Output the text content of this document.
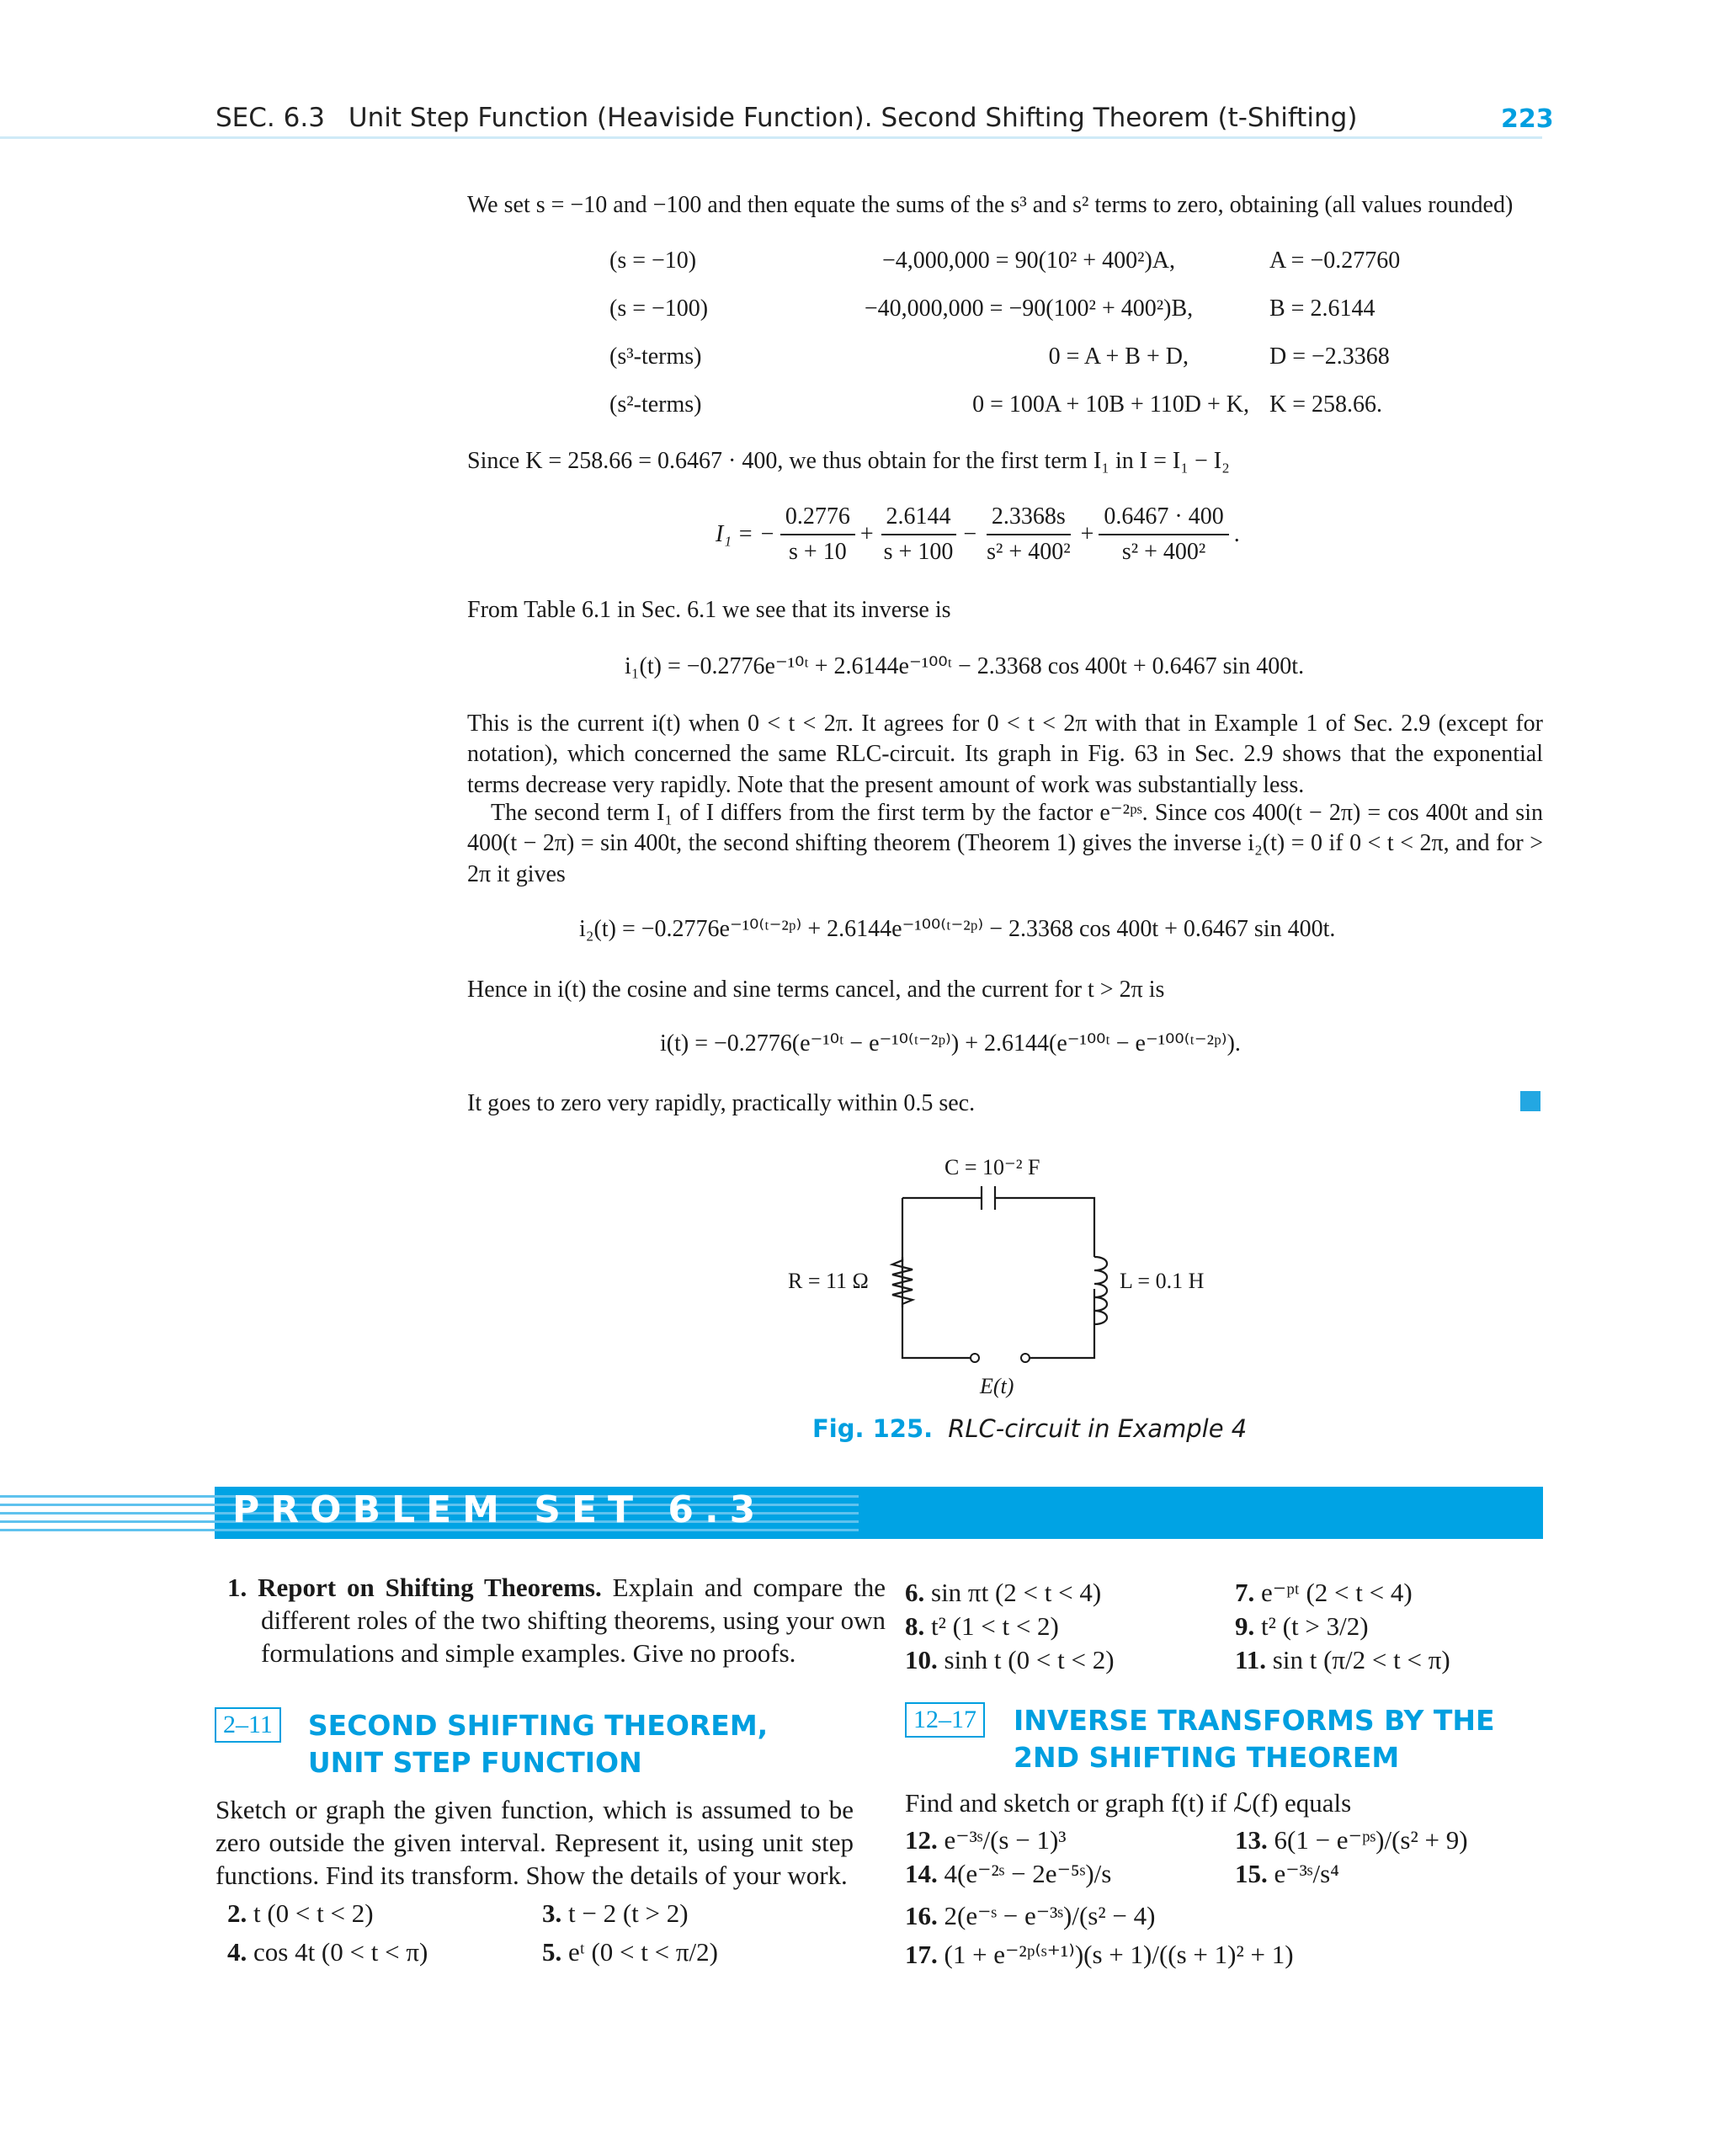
SEC. 6.3 Unit Step Function (Heaviside Function). Second Shifting Theorem (t-Shifting)	223
We set s = −10 and −100 and then equate the sums of the s³ and s² terms to zero, obtaining (all values rounded)
(s = −10)	−4,000,000 = 90(10² + 400²)A,	A = −0.27760
(s = −100)	−40,000,000 = −90(100² + 400²)B,	B = 2.6144
(s³-terms)	0 = A + B + D,	D = −2.3368
(s²-terms)	0 = 100A + 10B + 110D + K,	K = 258.66.
Since K = 258.66 = 0.6467 · 400, we thus obtain for the first term I₁ in I = I₁ − I₂
I₁ = − $\frac{0.2776}{s + 10} + \frac{2.6144}{s + 100} - \frac{2.3368s}{\text{s² + 400²}} + \frac{0.6467 \cdot 400}{\text{s² + 400²}}$ .
From Table 6.1 in Sec. 6.1 we see that its inverse is
i₁(t) = −0.2776e⁻¹⁰ᵗ + 2.6144e⁻¹⁰⁰ᵗ − 2.3368 cos 400t + 0.6467 sin 400t.
This is the current i(t) when 0 < t < 2π. It agrees for 0 < t < 2π with that in Example 1 of Sec. 2.9 (except for notation), which concerned the same RLC-circuit. Its graph in Fig. 63 in Sec. 2.9 shows that the exponential terms decrease very rapidly. Note that the present amount of work was substantially less.
The second term I₁ of I differs from the first term by the factor e⁻²ᵖˢ. Since cos 400(t − 2π) = cos 400t and sin 400(t − 2π) = sin 400t, the second shifting theorem (Theorem 1) gives the inverse i₂(t) = 0 if 0 < t < 2π, and for > 2π it gives
i₂(t) = −0.2776e⁻¹⁰⁽ᵗ⁻²ᵖ⁾ + 2.6144e⁻¹⁰⁰⁽ᵗ⁻²ᵖ⁾ − 2.3368 cos 400t + 0.6467 sin 400t.
Hence in i(t) the cosine and sine terms cancel, and the current for t > 2π is
i(t) = −0.2776(e⁻¹⁰ᵗ − e⁻¹⁰⁽ᵗ⁻²ᵖ⁾) + 2.6144(e⁻¹⁰⁰ᵗ − e⁻¹⁰⁰⁽ᵗ⁻²ᵖ⁾).
It goes to zero very rapidly, practically within 0.5 sec.
C = 10⁻² F
R = 11 Ω	L = 0.1 H
E(t)
Fig. 125. RLC-circuit in Example 4
PROBLEM SET 6.3
1. Report on Shifting Theorems. Explain and compare the different roles of the two shifting theorems, using your own formulations and simple examples. Give no proofs.
2–11	SECOND SHIFTING THEOREM,
UNIT STEP FUNCTION
Sketch or graph the given function, which is assumed to be zero outside the given interval. Represent it, using unit step functions. Find its transform. Show the details of your work.
2. t (0 < t < 2)	3. t − 2 (t > 2)
4. cos 4t (0 < t < π)	5. eᵗ (0 < t < π/2)
6. sin πt (2 < t < 4)	7. e⁻ᵖᵗ (2 < t < 4)
8. t² (1 < t < 2)	9. t² (t > 3/2)
10. sinh t (0 < t < 2)	11. sin t (π/2 < t < π)
12–17	INVERSE TRANSFORMS BY THE
2ND SHIFTING THEOREM
Find and sketch or graph f(t) if ℒ(f) equals
12. e⁻³ˢ/(s − 1)³	13. 6(1 − e⁻ᵖˢ)/(s² + 9)
14. 4(e⁻²ˢ − 2e⁻⁵ˢ)/s	15. e⁻³ˢ/s⁴
16. 2(e⁻ˢ − e⁻³ˢ)/(s² − 4)
17. (1 + e⁻²ᵖ⁽ˢ⁺¹⁾)(s + 1)/((s + 1)² + 1)
